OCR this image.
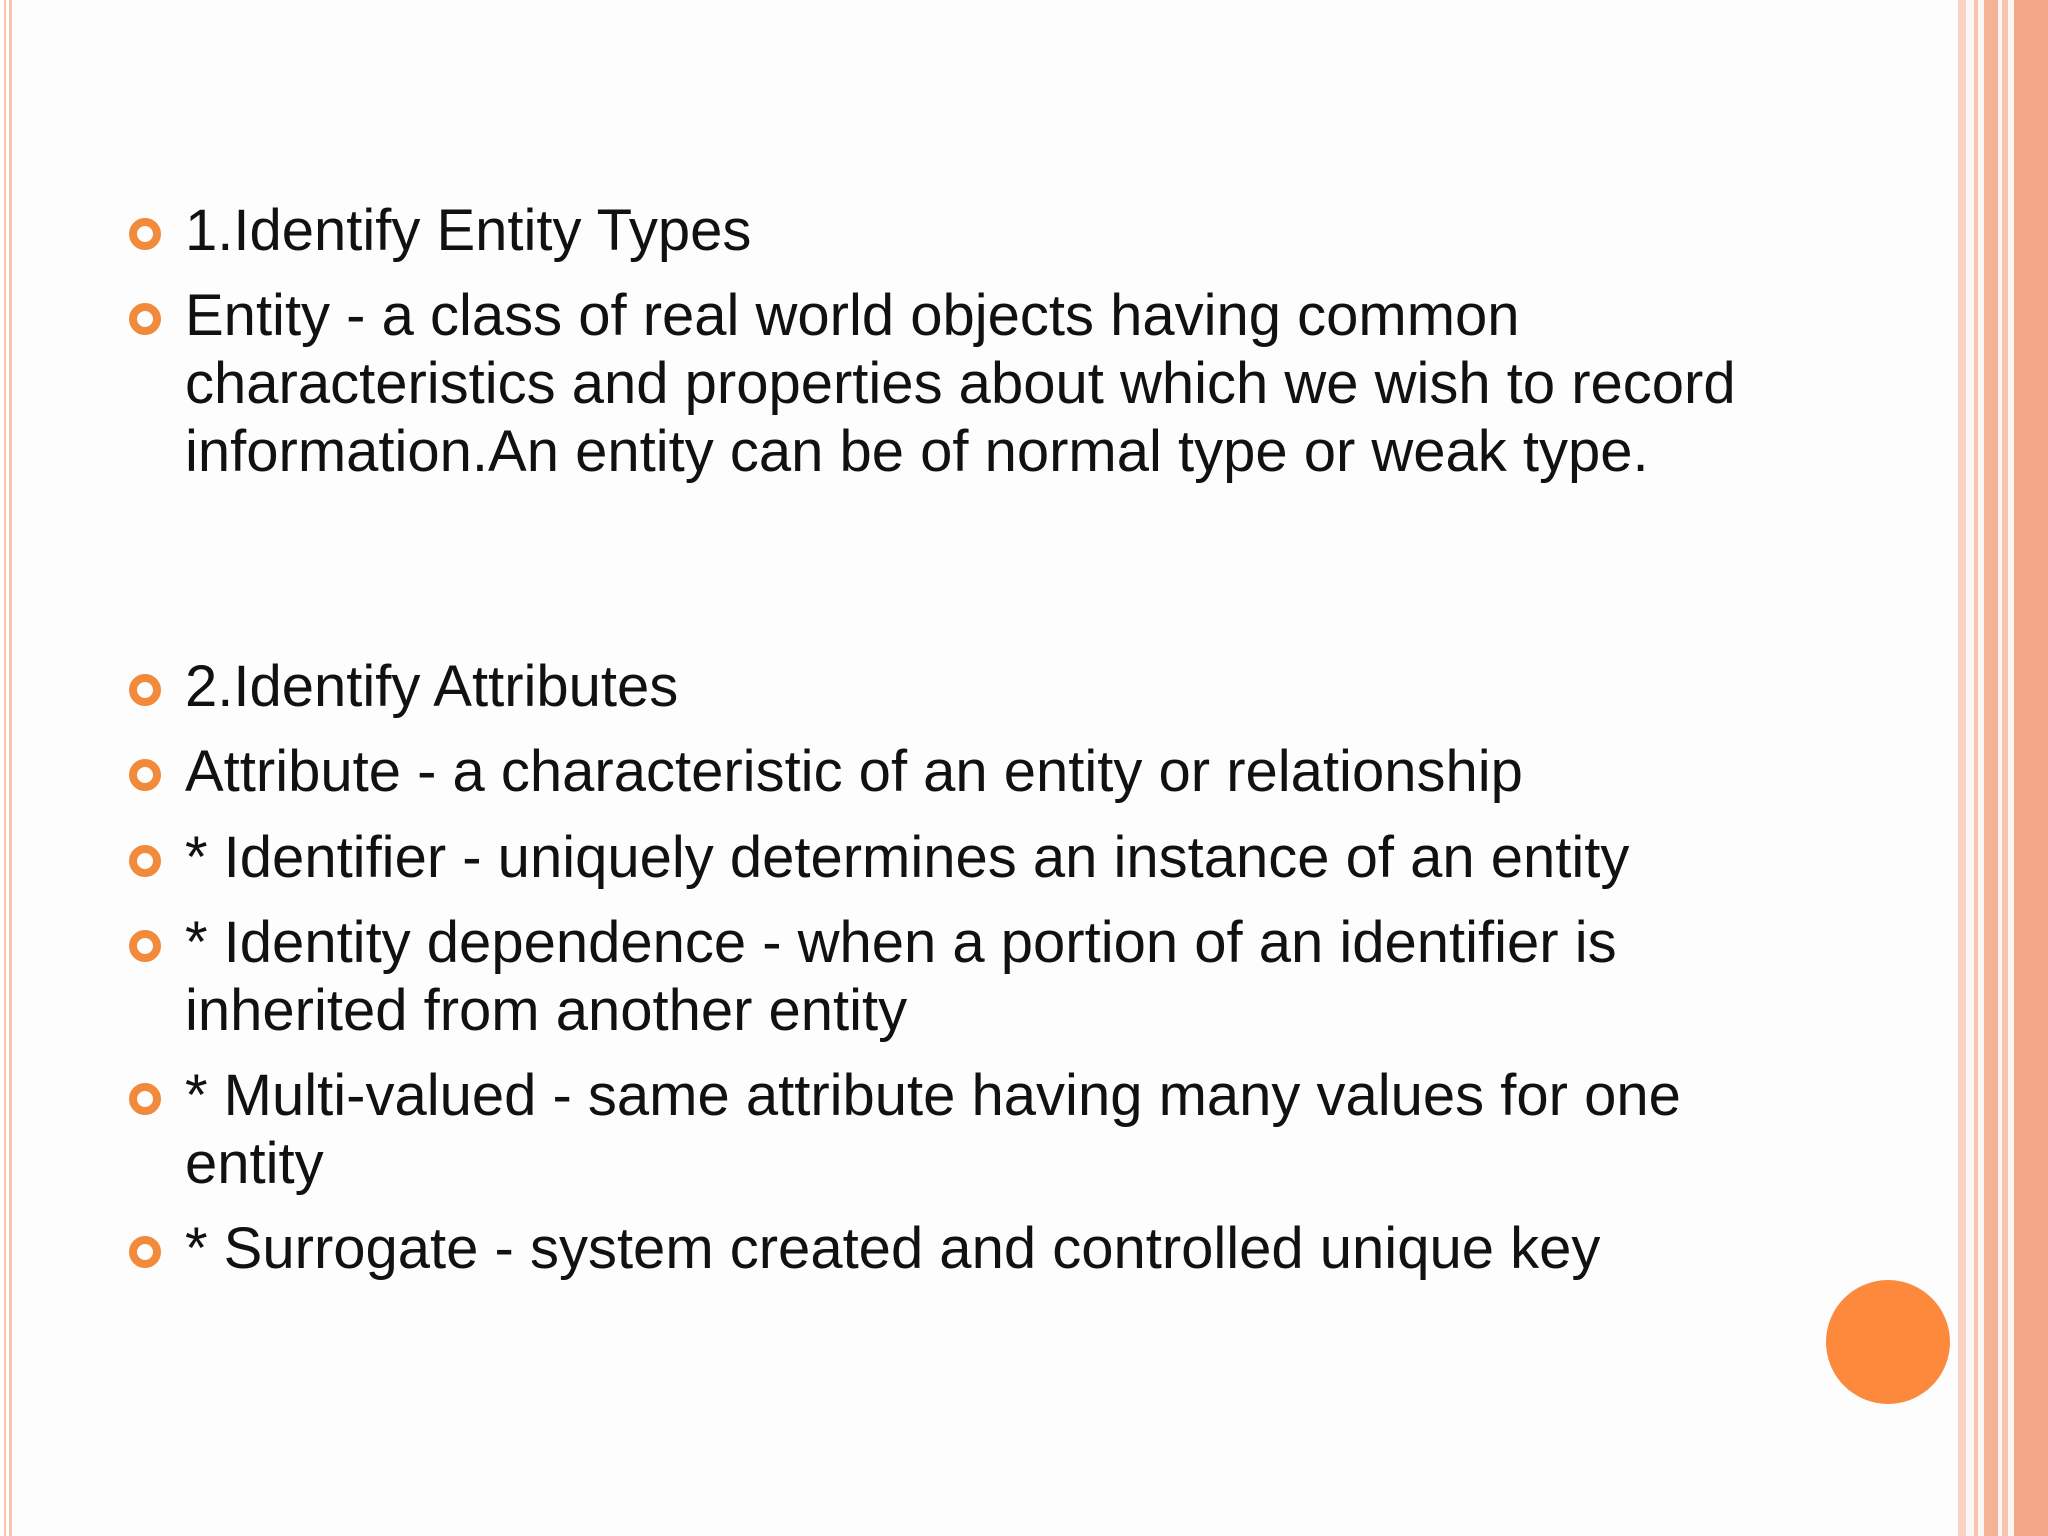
1.Identify Entity Types
Entity - a class of real world objects having common characteristics and properties about which we wish to record information.An entity can be of normal type or weak type.
2.Identify Attributes
Attribute - a characteristic of an entity or relationship
* Identifier - uniquely determines an instance of an entity
* Identity dependence - when a portion of an identifier is inherited from another entity
* Multi-valued - same attribute having many values for one entity
* Surrogate - system created and controlled unique key
